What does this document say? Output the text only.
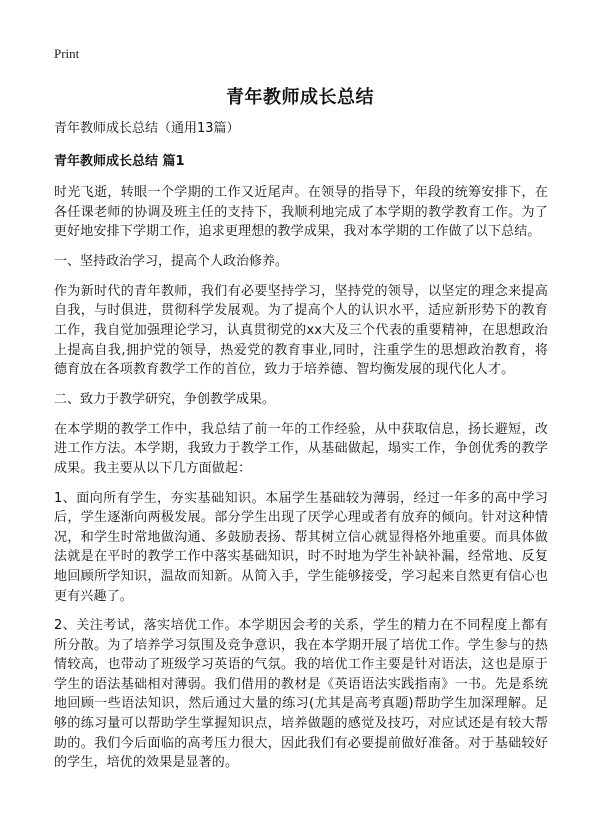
Print
青年教师成长总结
青年教师成长总结（通用13篇）
青年教师成长总结 篇1

时光飞逝，转眼一个学期的工作又近尾声。在领导的指导下，年段的统筹安排下，在各任课老师的协调及班主任的支持下，我顺利地完成了本学期的教学教育工作。为了更好地安排下学期工作，追求更理想的教学成果，我对本学期的工作做了以下总结。

一、坚持政治学习，提高个人政治修养。

作为新时代的青年教师，我们有必要坚持学习，坚持党的领导，以坚定的理念来提高自我，与时俱进，贯彻科学发展观。为了提高个人的认识水平，适应新形势下的教育工作，我自觉加强理论学习，认真贯彻党的xx大及三个代表的重要精神，在思想政治上提高自我,拥护党的领导，热爱党的教育事业,同时，注重学生的思想政治教育，将德育放在各项教育教学工作的首位，致力于培养德、智均衡发展的现代化人才。

二、致力于教学研究，争创教学成果。

在本学期的教学工作中，我总结了前一年的工作经验，从中获取信息，扬长避短，改进工作方法。本学期，我致力于教学工作，从基础做起，塌实工作，争创优秀的教学成果。我主要从以下几方面做起：

1、面向所有学生，夯实基础知识。本届学生基础较为薄弱，经过一年多的高中学习后，学生逐渐向两极发展。部分学生出现了厌学心理或者有放弃的倾向。针对这种情况，和学生时常地做沟通、多鼓励表扬、帮其树立信心就显得格外地重要。而具体做法就是在平时的教学工作中落实基础知识，时不时地为学生补缺补漏，经常地、反复地回顾所学知识，温故而知新。从简入手，学生能够接受，学习起来自然更有信心也更有兴趣了。

2、关注考试，落实培优工作。本学期因会考的关系，学生的精力在不同程度上都有所分散。为了培养学习氛围及竞争意识，我在本学期开展了培优工作。学生参与的热情较高，也带动了班级学习英语的气氛。我的培优工作主要是针对语法，这也是原于学生的语法基础相对薄弱。我们借用的教材是《英语语法实践指南》一书。先是系统地回顾一些语法知识，然后通过大量的练习(尤其是高考真题)帮助学生加深理解。足够的练习量可以帮助学生掌握知识点，培养做题的感觉及技巧，对应试还是有较大帮助的。我们今后面临的高考压力很大，因此我们有必要提前做好准备。对于基础较好的学生，培优的效果是显著的。
